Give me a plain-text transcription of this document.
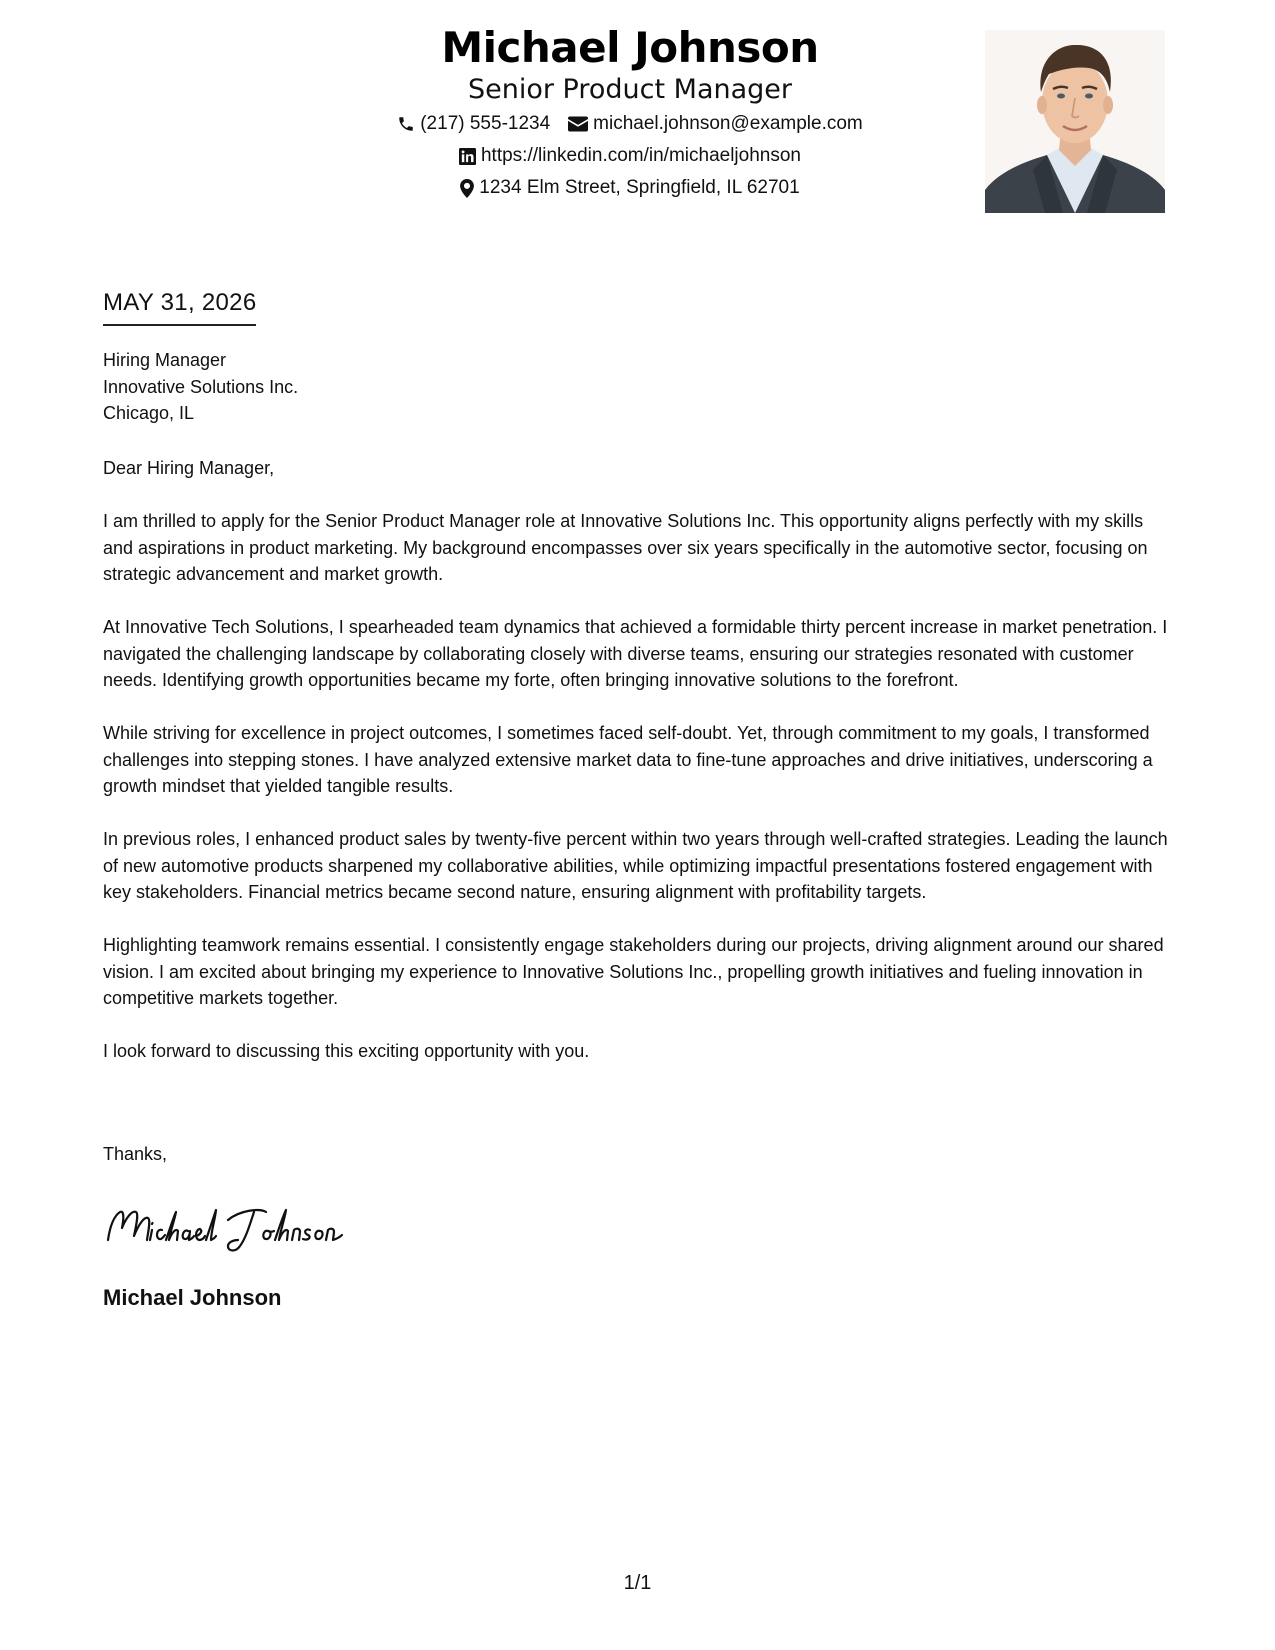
Michael Johnson
Senior Product Manager
(217) 555-1234 michael.johnson@example.com
https://linkedin.com/in/michaeljohnson
1234 Elm Street, Springfield, IL 62701
MAY 31, 2026
Hiring Manager
Innovative Solutions Inc.
Chicago, IL

Dear Hiring Manager,

I am thrilled to apply for the Senior Product Manager role at Innovative Solutions Inc. This opportunity aligns perfectly with my skills and aspirations in product marketing. My background encompasses over six years specifically in the automotive sector, focusing on strategic advancement and market growth.

At Innovative Tech Solutions, I spearheaded team dynamics that achieved a formidable thirty percent increase in market penetration. I navigated the challenging landscape by collaborating closely with diverse teams, ensuring our strategies resonated with customer needs. Identifying growth opportunities became my forte, often bringing innovative solutions to the forefront.

While striving for excellence in project outcomes, I sometimes faced self-doubt. Yet, through commitment to my goals, I transformed challenges into stepping stones. I have analyzed extensive market data to fine-tune approaches and drive initiatives, underscoring a growth mindset that yielded tangible results.

In previous roles, I enhanced product sales by twenty-five percent within two years through well-crafted strategies. Leading the launch of new automotive products sharpened my collaborative abilities, while optimizing impactful presentations fostered engagement with key stakeholders. Financial metrics became second nature, ensuring alignment with profitability targets.

Highlighting teamwork remains essential. I consistently engage stakeholders during our projects, driving alignment around our shared vision. I am excited about bringing my experience to Innovative Solutions Inc., propelling growth initiatives and fueling innovation in competitive markets together.

I look forward to discussing this exciting opportunity with you.

Thanks,
Michael Johnson
1/1
